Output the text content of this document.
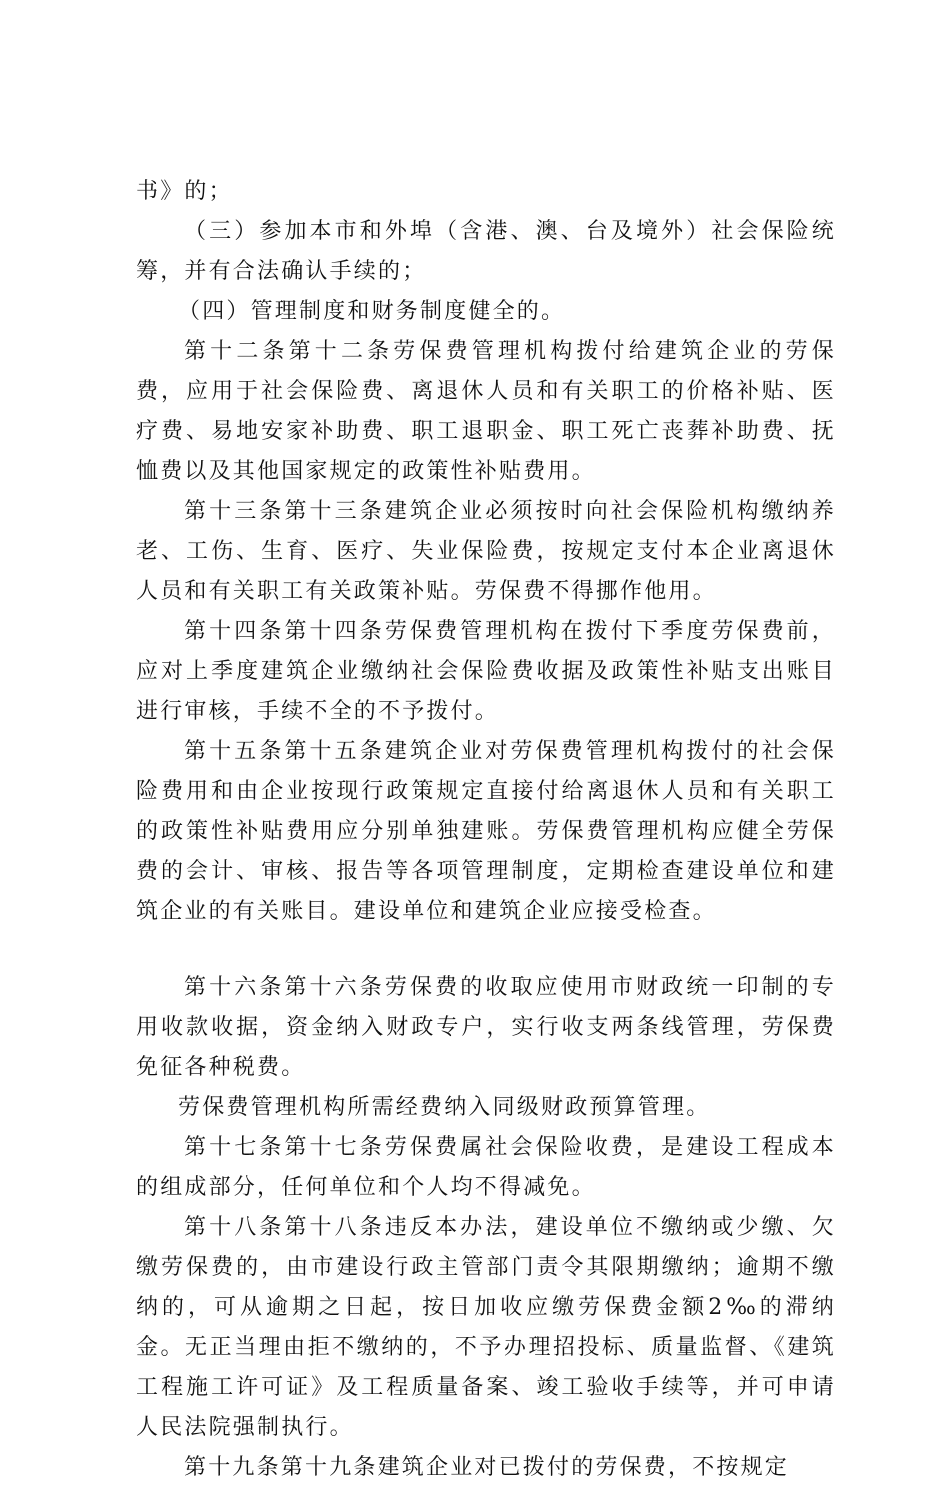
书》的；

（三）参加本市和外埠（含港、澳、台及境外）社会保险统筹，并有合法确认手续的；

（四）管理制度和财务制度健全的。

第十二条第十二条劳保费管理机构拨付给建筑企业的劳保费，应用于社会保险费、离退休人员和有关职工的价格补贴、医疗费、易地安家补助费、职工退职金、职工死亡丧葬补助费、抚恤费以及其他国家规定的政策性补贴费用。

第十三条第十三条建筑企业必须按时向社会保险机构缴纳养老、工伤、生育、医疗、失业保险费，按规定支付本企业离退休人员和有关职工有关政策补贴。劳保费不得挪作他用。

第十四条第十四条劳保费管理机构在拨付下季度劳保费前，应对上季度建筑企业缴纳社会保险费收据及政策性补贴支出账目进行审核，手续不全的不予拨付。

第十五条第十五条建筑企业对劳保费管理机构拨付的社会保险费用和由企业按现行政策规定直接付给离退休人员和有关职工的政策性补贴费用应分别单独建账。劳保费管理机构应健全劳保费的会计、审核、报告等各项管理制度，定期检查建设单位和建筑企业的有关账目。建设单位和建筑企业应接受检查。

第十六条第十六条劳保费的收取应使用市财政统一印制的专用收款收据，资金纳入财政专户，实行收支两条线管理，劳保费免征各种税费。

劳保费管理机构所需经费纳入同级财政预算管理。

第十七条第十七条劳保费属社会保险收费，是建设工程成本的组成部分，任何单位和个人均不得减免。

第十八条第十八条违反本办法，建设单位不缴纳或少缴、欠缴劳保费的，由市建设行政主管部门责令其限期缴纳；逾期不缴纳的，可从逾期之日起，按日加收应缴劳保费金额2‰的滞纳金。无正当理由拒不缴纳的，不予办理招投标、质量监督、《建筑工程施工许可证》及工程质量备案、竣工验收手续等，并可申请人民法院强制执行。

第十九条第十九条建筑企业对已拨付的劳保费，不按规定
